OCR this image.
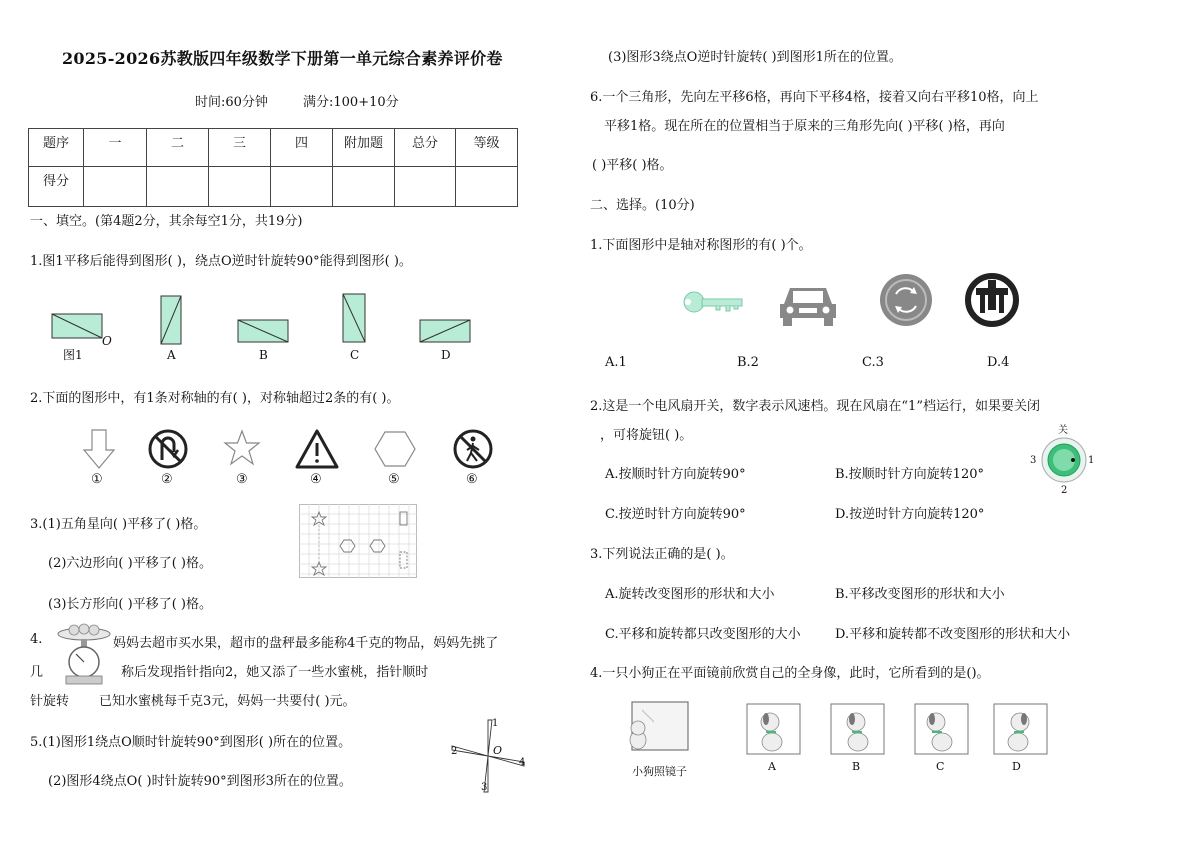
2025-2026苏教版四年级数学下册第一单元综合素养评价卷
时间:60分钟	满分:100+10分
题序	一	二	三	四	附加题	总分	等级
得分							
一、填空。(第4题2分，其余每空1分，共19分)
1.图1平移后能得到图形( )，绕点O逆时针旋转90°能得到图形( )。
图1
O
A	B	C	D
2.下面的图形中，有1条对称轴的有( )，对称轴超过2条的有( )。
①	②	③	④	⑤	⑥
3.(1)五角星向( )平移了( )格。
(2)六边形向( )平移了( )格。
(3)长方形向( )平移了( )格。
4.	妈妈去超市买水果，超市的盘秤最多能称4千克的物品，妈妈先挑了
几	称后发现指针指向2，她又添了一些水蜜桃，指针顺时
针旋转 已知水蜜桃每千克3元，妈妈一共要付( )元。
5.(1)图形1绕点O顺时针旋转90°到图形( )所在的位置。
(2)图形4绕点O( )时针旋转90°到图形3所在的位置。
1
2	O
4
3
(3)图形3绕点O逆时针旋转( )到图形1所在的位置。
6.一个三角形，先向左平移6格，再向下平移4格，接着又向右平移10格，向上
平移1格。现在所在的位置相当于原来的三角形先向( )平移( )格，再向
( )平移( )格。
二、选择。(10分)
1.下面图形中是轴对称图形的有( )个。
A.1	B.2	C.3	D.4
2.这是一个电风扇开关，数字表示风速档。现在风扇在“1”档运行，如果要关闭
，可将旋钮( )。
A.按顺时针方向旋转90°	B.按顺时针方向旋转120°
C.按逆时针方向旋转90°	D.按逆时针方向旋转120°
关
1
2
3
3.下列说法正确的是( )。
A.旋转改变图形的形状和大小	B.平移改变图形的形状和大小
C.平移和旋转都只改变图形的大小	D.平移和旋转都不改变图形的形状和大小
4.一只小狗正在平面镜前欣赏自己的全身像，此时，它所看到的是()。
小狗照镜子	A	B	C	D
